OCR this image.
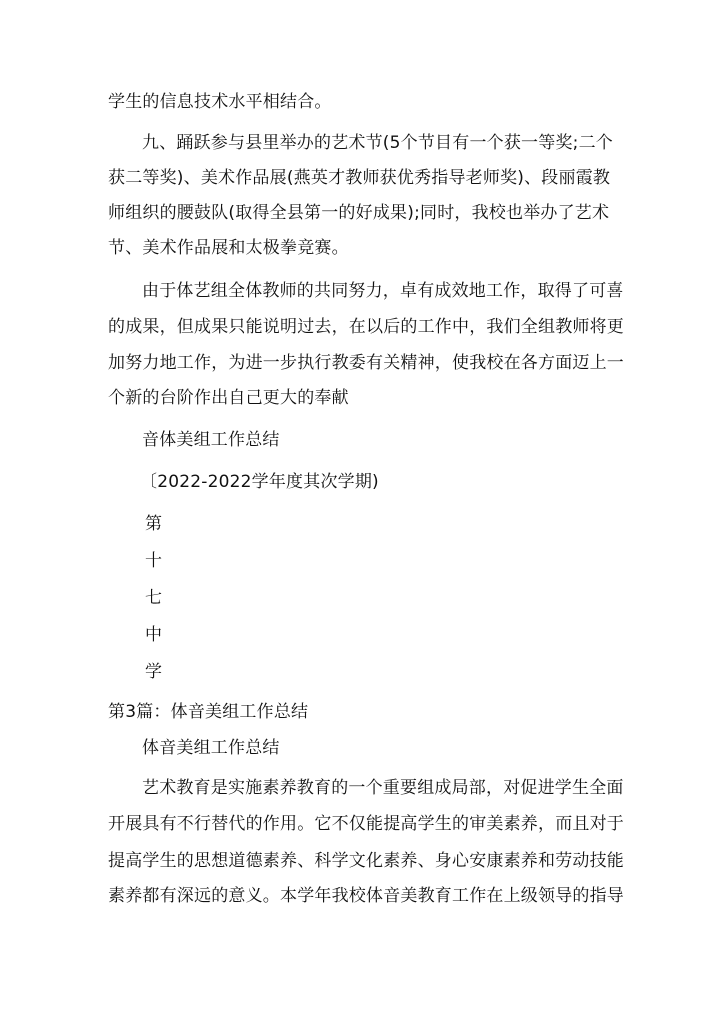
学生的信息技术水平相结合。
九、踊跃参与县里举办的艺术节(5个节目有一个获一等奖;二个
获二等奖)、美术作品展(燕英才教师获优秀指导老师奖)、段丽霞教
师组织的腰鼓队(取得全县第一的好成果);同时，我校也举办了艺术
节、美术作品展和太极拳竞赛。
由于体艺组全体教师的共同努力，卓有成效地工作，取得了可喜
的成果，但成果只能说明过去，在以后的工作中，我们全组教师将更
加努力地工作，为进一步执行教委有关精神，使我校在各方面迈上一
个新的台阶作出自己更大的奉献
音体美组工作总结
〔2022-2022学年度其次学期)
第
十
七
中
学
第3篇：体音美组工作总结
体音美组工作总结
艺术教育是实施素养教育的一个重要组成局部，对促进学生全面
开展具有不行替代的作用。它不仅能提高学生的审美素养，而且对于
提高学生的思想道德素养、科学文化素养、身心安康素养和劳动技能
素养都有深远的意义。本学年我校体音美教育工作在上级领导的指导
